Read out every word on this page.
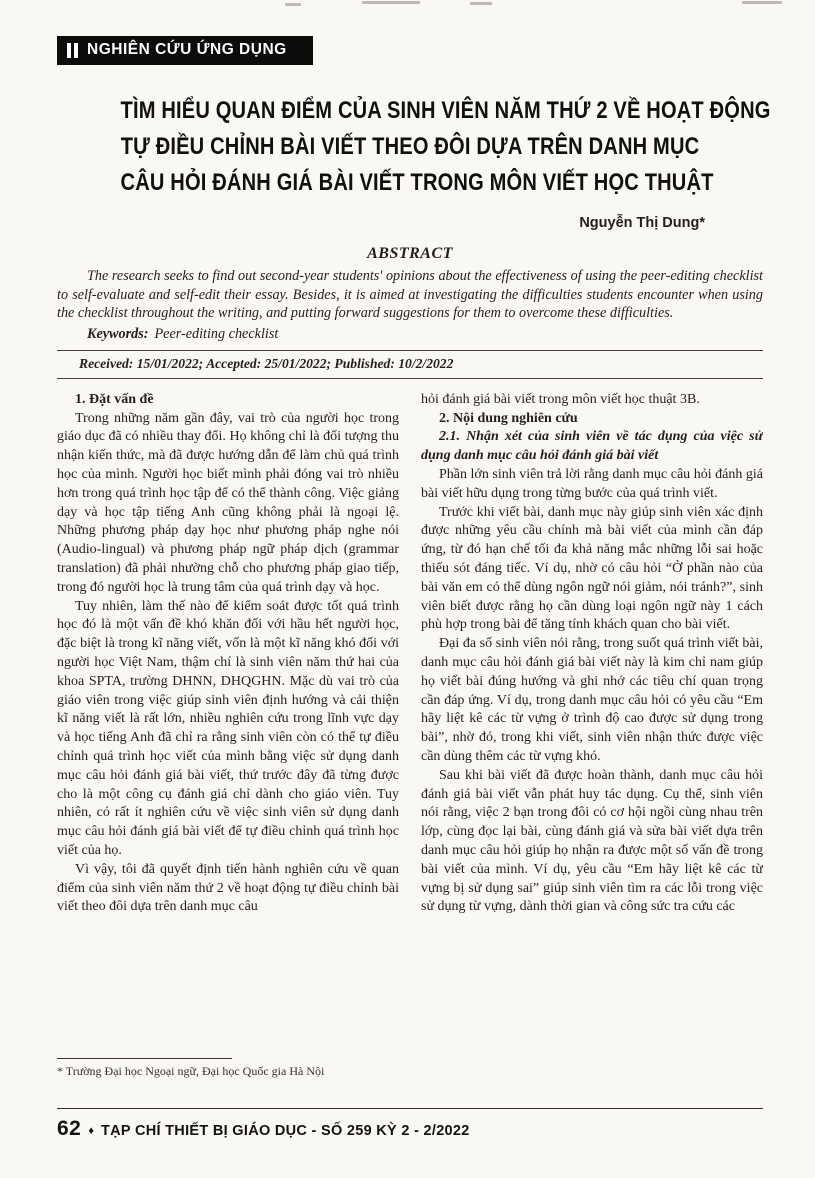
NGHIÊN CỨU ỨNG DỤNG
TÌM HIỂU QUAN ĐIỂM CỦA SINH VIÊN NĂM THỨ 2 VỀ HOẠT ĐỘNG
TỰ ĐIỀU CHỈNH BÀI VIẾT THEO ĐÔI DỰA TRÊN DANH MỤC
CÂU HỎI ĐÁNH GIÁ BÀI VIẾT TRONG MÔN VIẾT HỌC THUẬT
Nguyễn Thị Dung*
ABSTRACT

The research seeks to find out second-year students' opinions about the effectiveness of using the peer-editing checklist to self-evaluate and self-edit their essay. Besides, it is aimed at investigating the difficulties students encounter when using the checklist throughout the writing, and putting forward suggestions for them to overcome these difficulties.

Keywords: Peer-editing checklist

Received: 15/01/2022; Accepted: 25/01/2022; Published: 10/2/2022

1. Đặt vấn đề

Trong những năm gần đây, vai trò của người học trong giáo dục đã có nhiều thay đổi. Họ không chỉ là đối tượng thu nhận kiến thức, mà đã được hướng dẫn để làm chủ quá trình học của mình. Người học biết mình phải đóng vai trò nhiều hơn trong quá trình học tập để có thể thành công. Việc giảng dạy và học tập tiếng Anh cũng không phải là ngoại lệ. Những phương pháp dạy học như phương pháp nghe nói (Audio-lingual) và phương pháp ngữ pháp dịch (grammar translation) đã phải nhường chỗ cho phương pháp giao tiếp, trong đó người học là trung tâm của quá trình dạy và học.

Tuy nhiên, làm thế nào để kiểm soát được tốt quá trình học đó là một vấn đề khó khăn đối với hầu hết người học, đặc biệt là trong kĩ năng viết, vốn là một kĩ năng khó đối với người học Việt Nam, thậm chí là sinh viên năm thứ hai của khoa SPTA, trường DHNN, DHQGHN. Mặc dù vai trò của giáo viên trong việc giúp sinh viên định hướng và cải thiện kĩ năng viết là rất lớn, nhiều nghiên cứu trong lĩnh vực dạy và học tiếng Anh đã chỉ ra rằng sinh viên còn có thể tự điều chỉnh quá trình học viết của mình bằng việc sử dụng danh mục câu hỏi đánh giá bài viết, thứ trước đây đã từng được cho là một công cụ đánh giá chỉ dành cho giáo viên. Tuy nhiên, có rất ít nghiên cứu về việc sinh viên sử dụng danh mục câu hỏi đánh giá bài viết để tự điều chỉnh quá trình học viết của họ.

Vì vậy, tôi đã quyết định tiến hành nghiên cứu về quan điểm của sinh viên năm thứ 2 về hoạt động tự điều chỉnh bài viết theo đôi dựa trên danh mục câu

hỏi đánh giá bài viết trong môn viết học thuật 3B.

2. Nội dung nghiên cứu

2.1. Nhận xét của sinh viên về tác dụng của việc sử dụng danh mục câu hỏi đánh giá bài viết

Phần lớn sinh viên trả lời rằng danh mục câu hỏi đánh giá bài viết hữu dụng trong từng bước của quá trình viết.

Trước khi viết bài, danh mục này giúp sinh viên xác định được những yêu cầu chính mà bài viết của mình cần đáp ứng, từ đó hạn chế tối đa khả năng mắc những lỗi sai hoặc thiếu sót đáng tiếc. Ví dụ, nhờ có câu hỏi “Ở phần nào của bài văn em có thể dùng ngôn ngữ nói giảm, nói tránh?”, sinh viên biết được rằng họ cần dùng loại ngôn ngữ này 1 cách phù hợp trong bài để tăng tính khách quan cho bài viết.

Đại đa số sinh viên nói rằng, trong suốt quá trình viết bài, danh mục câu hỏi đánh giá bài viết này là kim chỉ nam giúp họ viết bài đúng hướng và ghi nhớ các tiêu chí quan trọng cần đáp ứng. Ví dụ, trong danh mục câu hỏi có yêu cầu “Em hãy liệt kê các từ vựng ở trình độ cao được sử dụng trong bài”, nhờ đó, trong khi viết, sinh viên nhận thức được việc cần dùng thêm các từ vựng khó.

Sau khi bài viết đã được hoàn thành, danh mục câu hỏi đánh giá bài viết vẫn phát huy tác dụng. Cụ thể, sinh viên nói rằng, việc 2 bạn trong đôi có cơ hội ngồi cùng nhau trên lớp, cùng đọc lại bài, cùng đánh giá và sửa bài viết dựa trên danh mục câu hỏi giúp họ nhận ra được một số vấn đề trong bài viết của mình. Ví dụ, yêu cầu “Em hãy liệt kê các từ vựng bị sử dụng sai” giúp sinh viên tìm ra các lỗi trong việc sử dụng từ vựng, dành thời gian và công sức tra cứu các

* Trường Đại học Ngoại ngữ, Đại học Quốc gia Hà Nội

62 ♦ TẠP CHÍ THIẾT BỊ GIÁO DỤC - SỐ 259 KỲ 2 - 2/2022
